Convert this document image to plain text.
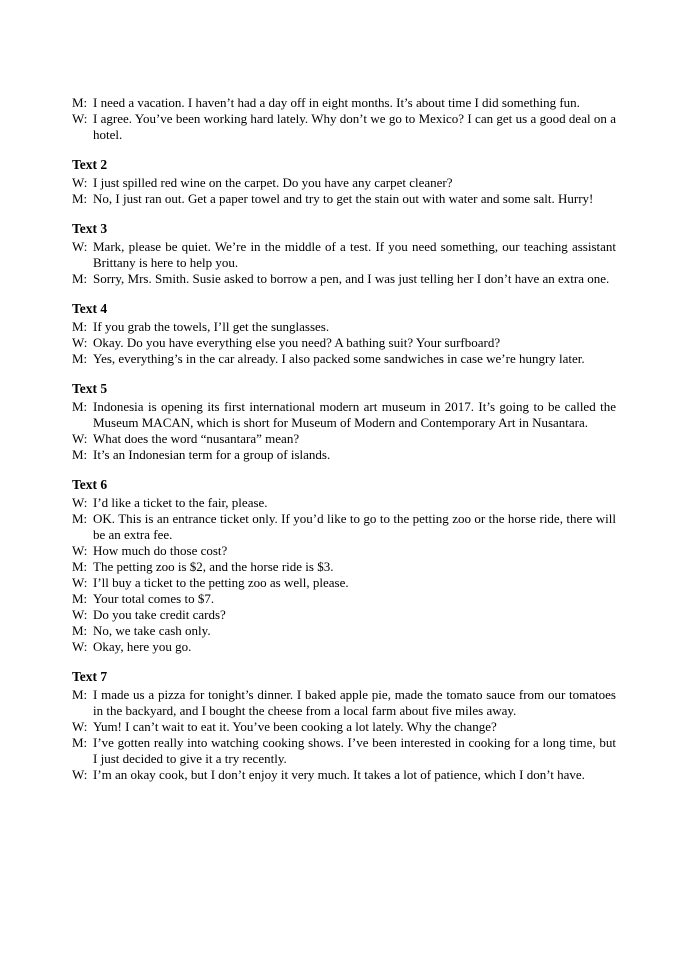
M: I need a vacation. I haven’t had a day off in eight months. It’s about time I did something fun.

W: I agree. You’ve been working hard lately. Why don’t we go to Mexico? I can get us a good deal on a hotel.

Text 2

W: I just spilled red wine on the carpet. Do you have any carpet cleaner?

M: No, I just ran out. Get a paper towel and try to get the stain out with water and some salt. Hurry!

Text 3

W: Mark, please be quiet. We’re in the middle of a test. If you need something, our teaching assistant Brittany is here to help you.

M: Sorry, Mrs. Smith. Susie asked to borrow a pen, and I was just telling her I don’t have an extra one.

Text 4

M: If you grab the towels, I’ll get the sunglasses.

W: Okay. Do you have everything else you need? A bathing suit? Your surfboard?

M: Yes, everything’s in the car already. I also packed some sandwiches in case we’re hungry later.

Text 5

M: Indonesia is opening its first international modern art museum in 2017. It’s going to be called the Museum MACAN, which is short for Museum of Modern and Contemporary Art in Nusantara.

W: What does the word “nusantara” mean?

M: It’s an Indonesian term for a group of islands.

Text 6

W: I’d like a ticket to the fair, please.

M: OK. This is an entrance ticket only. If you’d like to go to the petting zoo or the horse ride, there will be an extra fee.

W: How much do those cost?

M: The petting zoo is $2, and the horse ride is $3.

W: I’ll buy a ticket to the petting zoo as well, please.

M: Your total comes to $7.

W: Do you take credit cards?

M: No, we take cash only.

W: Okay, here you go.

Text 7

M: I made us a pizza for tonight’s dinner. I baked apple pie, made the tomato sauce from our tomatoes in the backyard, and I bought the cheese from a local farm about five miles away.

W: Yum! I can’t wait to eat it. You’ve been cooking a lot lately. Why the change?

M: I’ve gotten really into watching cooking shows. I’ve been interested in cooking for a long time, but I just decided to give it a try recently.

W: I’m an okay cook, but I don’t enjoy it very much. It takes a lot of patience, which I don’t have.
